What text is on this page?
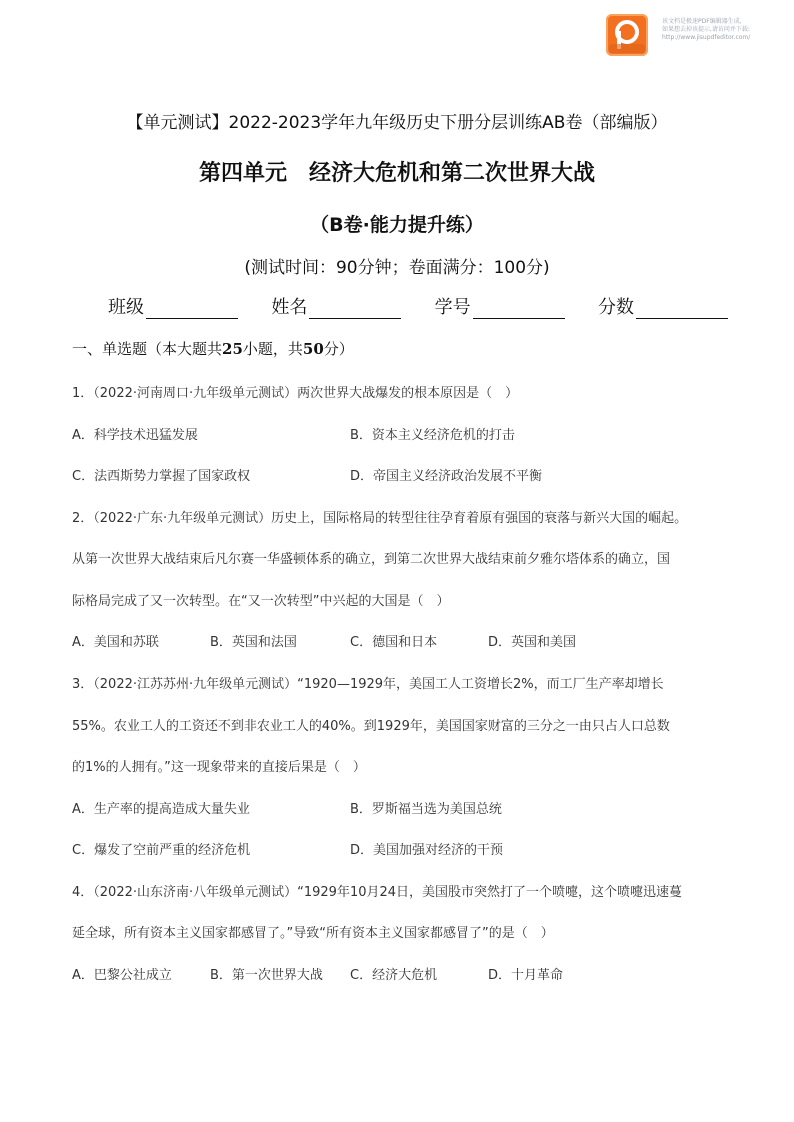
该文档是极速PDF编辑器生成,
如果想去掉该提示,请访问并下载:
http://www.jisupdfeditor.com/
【单元测试】2022-2023学年九年级历史下册分层训练AB卷（部编版）
第四单元　经济大危机和第二次世界大战
（B卷·能力提升练）
(测试时间：90分钟；卷面满分：100分)
班级	姓名	学号	分数
一、单选题（本大题共25小题，共50分）
1．（2022·河南周口·九年级单元测试）两次世界大战爆发的根本原因是（　）
A．科学技术迅猛发展	B．资本主义经济危机的打击
C．法西斯势力掌握了国家政权	D．帝国主义经济政治发展不平衡
2．（2022·广东·九年级单元测试）历史上，国际格局的转型往往孕育着原有强国的衰落与新兴大国的崛起。
从第一次世界大战结束后凡尔赛一华盛顿体系的确立，到第二次世界大战结束前夕雅尔塔体系的确立，国
际格局完成了又一次转型。在“又一次转型”中兴起的大国是（　）
A．美国和苏联	B．英国和法国	C．德国和日本	D．英国和美国
3．（2022·江苏苏州·九年级单元测试）“1920—1929年，美国工人工资增长2%，而工厂生产率却增长
55%。农业工人的工资还不到非农业工人的40%。到1929年，美国国家财富的三分之一由只占人口总数
的1%的人拥有。”这一现象带来的直接后果是（　）
A．生产率的提高造成大量失业	B．罗斯福当选为美国总统
C．爆发了空前严重的经济危机	D．美国加强对经济的干预
4．（2022·山东济南·八年级单元测试）“1929年10月24日，美国股市突然打了一个喷嚏，这个喷嚏迅速蔓
延全球，所有资本主义国家都感冒了。”导致“所有资本主义国家都感冒了”的是（　）
A．巴黎公社成立	B．第一次世界大战 C．经济大危机	D．十月革命
